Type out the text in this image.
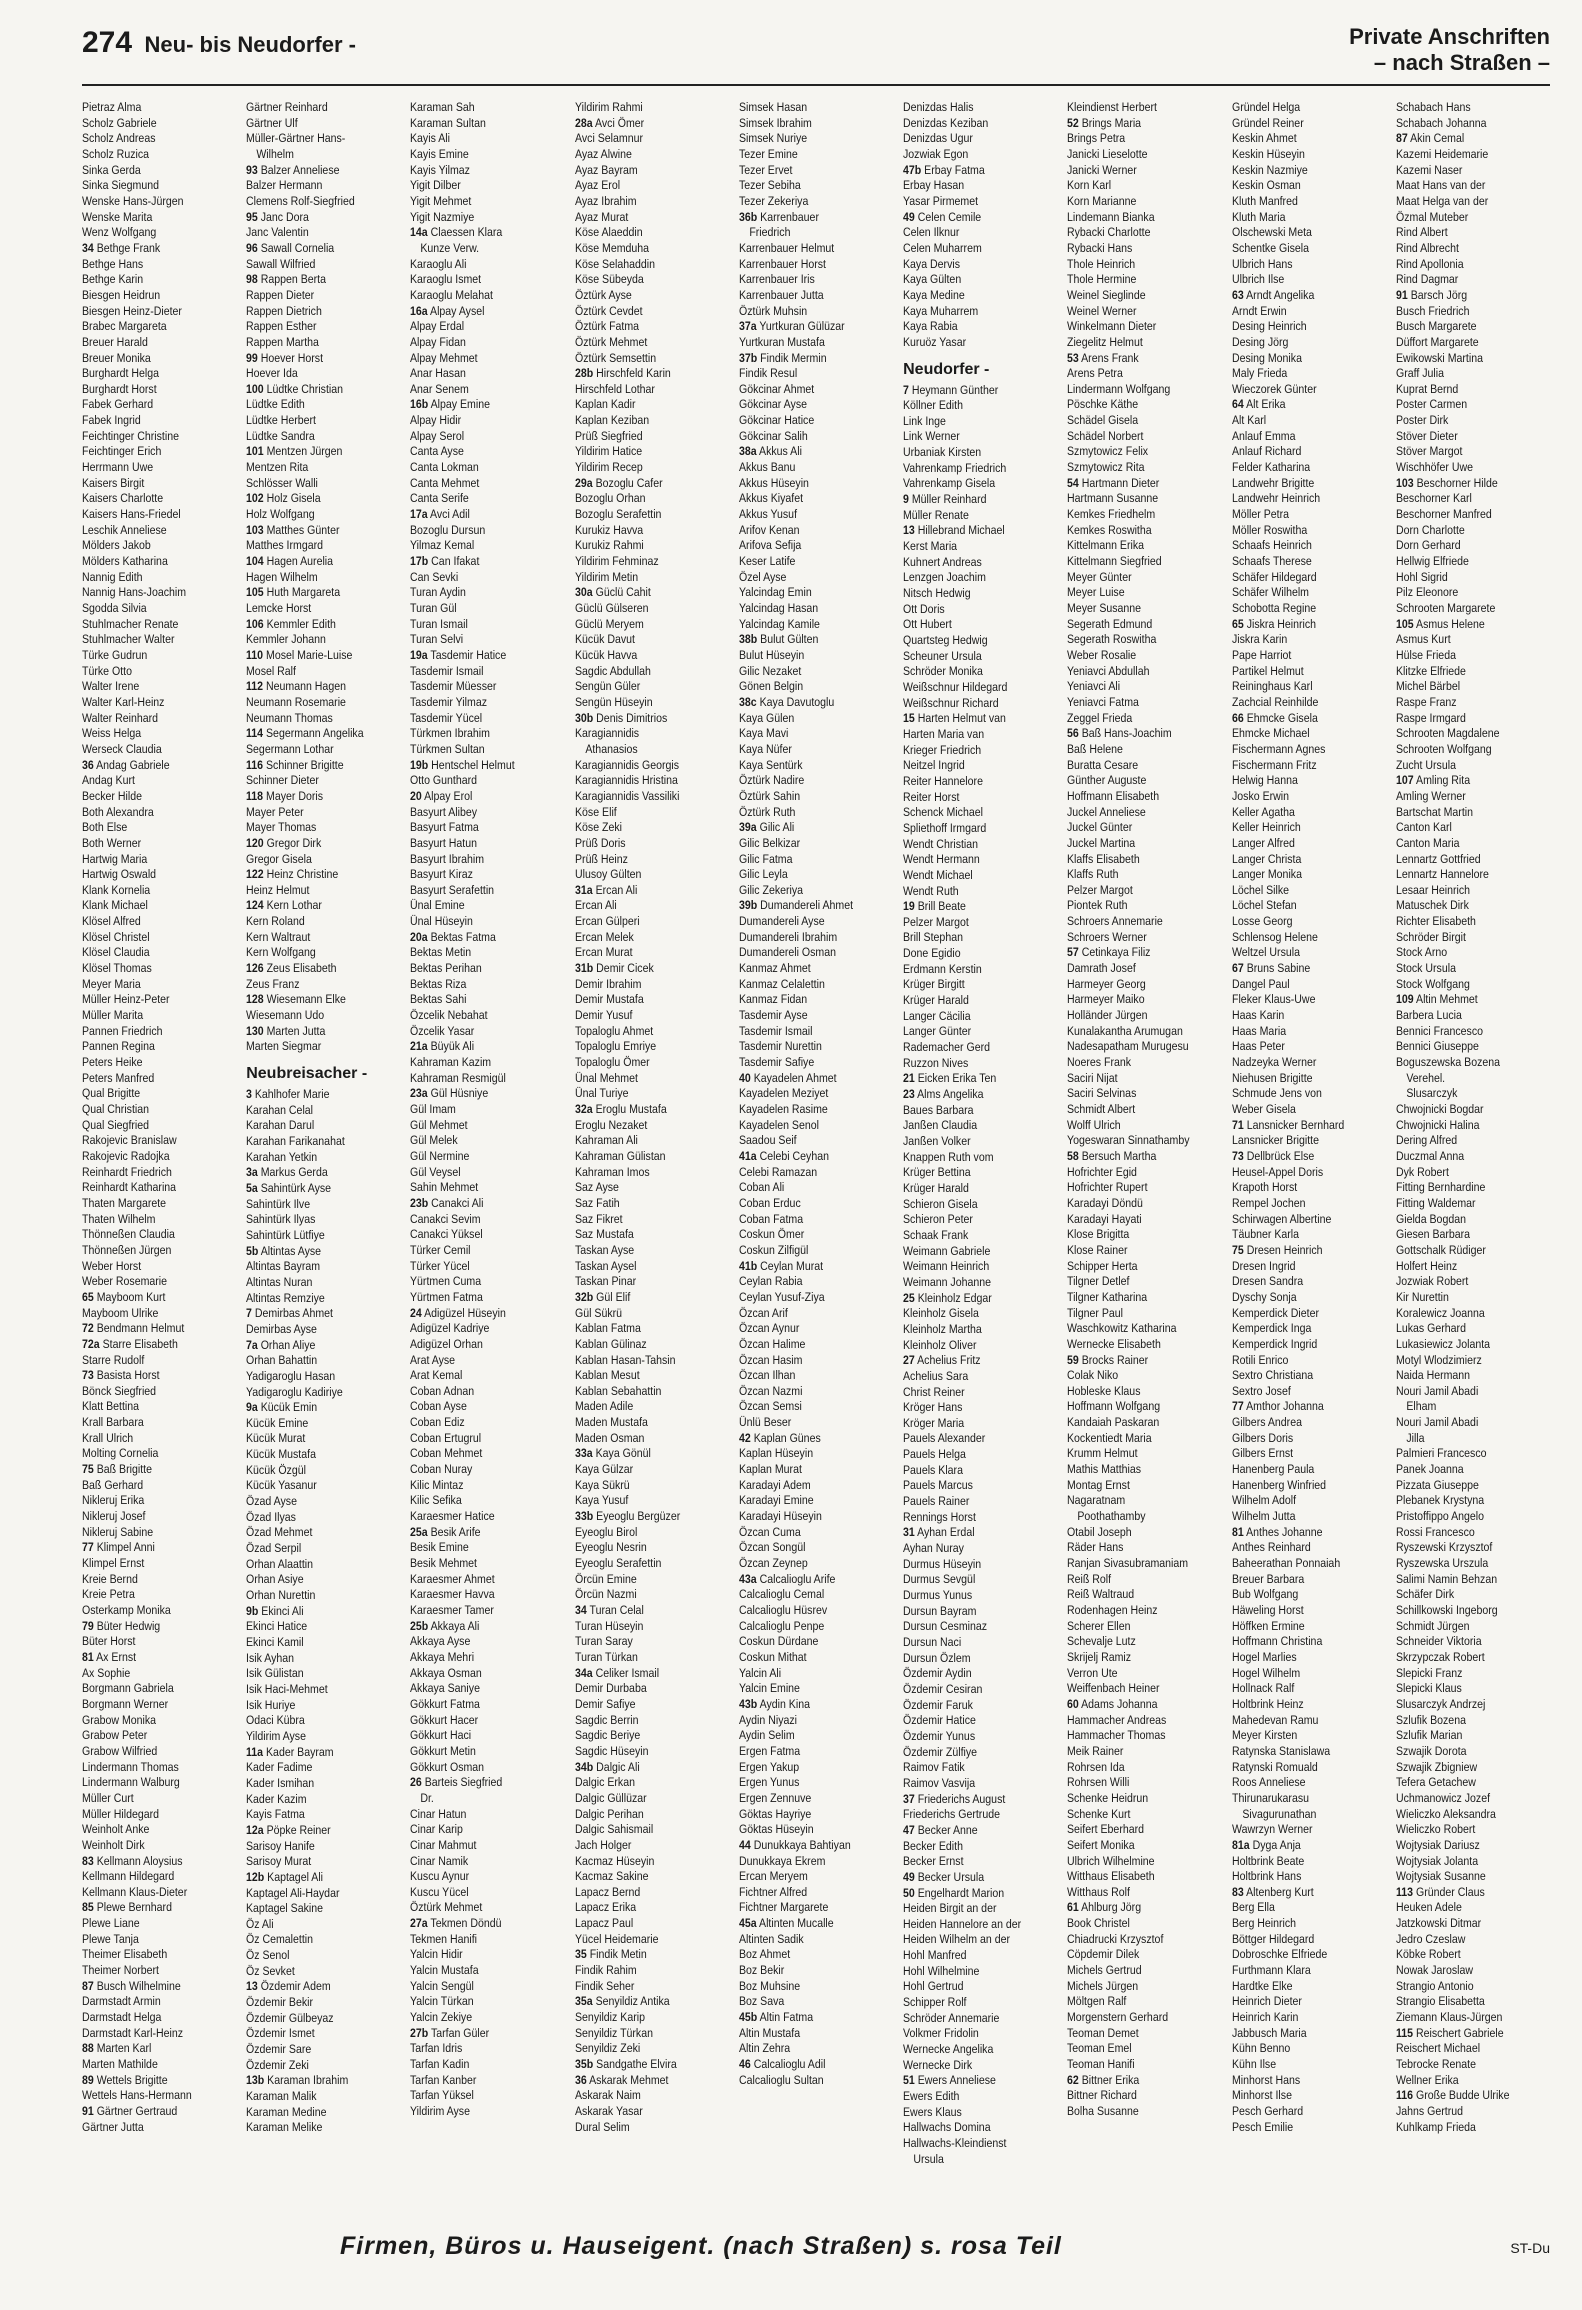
274 Neu- bis Neudorfer -	Private Anschriften
– nach Straßen –
Pietraz Alma
Scholz Gabriele
Scholz Andreas
Scholz Ruzica
Sinka Gerda
Sinka Siegmund
Wenske Hans-Jürgen
Wenske Marita
Wenz Wolfgang
34 Bethge Frank
Bethge Hans
Bethge Karin
Biesgen Heidrun
Biesgen Heinz-Dieter
Brabec Margareta
Breuer Harald
Breuer Monika
Burghardt Helga
Burghardt Horst
Fabek Gerhard
Fabek Ingrid
Feichtinger Christine
Feichtinger Erich
Herrmann Uwe
Kaisers Birgit
Kaisers Charlotte
Kaisers Hans-Friedel
Leschik Anneliese
Mölders Jakob
Mölders Katharina
Nannig Edith
Nannig Hans-Joachim
Sgodda Silvia
Stuhlmacher Renate
Stuhlmacher Walter
Türke Gudrun
Türke Otto
Walter Irene
Walter Karl-Heinz
Walter Reinhard
Weiss Helga
Werseck Claudia
36 Andag Gabriele
Andag Kurt
Becker Hilde
Both Alexandra
Both Else
Both Werner
Hartwig Maria
Hartwig Oswald
Klank Kornelia
Klank Michael
Klösel Alfred
Klösel Christel
Klösel Claudia
Klösel Thomas
Meyer Maria
Müller Heinz-Peter
Müller Marita
Pannen Friedrich
Pannen Regina
Peters Heike
Peters Manfred
Qual Brigitte
Qual Christian
Qual Siegfried
Rakojevic Branislaw
Rakojevic Radojka
Reinhardt Friedrich
Reinhardt Katharina
Thaten Margarete
Thaten Wilhelm
Thönneßen Claudia
Thönneßen Jürgen
Weber Horst
Weber Rosemarie
65 Mayboom Kurt
Mayboom Ulrike
72 Bendmann Helmut
72a Starre Elisabeth
Starre Rudolf
73 Basista Horst
Bönck Siegfried
Klatt Bettina
Krall Barbara
Krall Ulrich
Molting Cornelia
75 Baß Brigitte
Baß Gerhard
Nikleruj Erika
Nikleruj Josef
Nikleruj Sabine
77 Klimpel Anni
Klimpel Ernst
Kreie Bernd
Kreie Petra
Osterkamp Monika
79 Büter Hedwig
Büter Horst
81 Ax Ernst
Ax Sophie
Borgmann Gabriela
Borgmann Werner
Grabow Monika
Grabow Peter
Grabow Wilfried
Lindermann Thomas
Lindermann Walburg
Müller Curt
Müller Hildegard
Weinholt Anke
Weinholt Dirk
83 Kellmann Aloysius
Kellmann Hildegard
Kellmann Klaus-Dieter
85 Plewe Bernhard
Plewe Liane
Plewe Tanja
Theimer Elisabeth
Theimer Norbert
87 Busch Wilhelmine
Darmstadt Armin
Darmstadt Helga
Darmstadt Karl-Heinz
88 Marten Karl
Marten Mathilde
89 Wettels Brigitte
Wettels Hans-Hermann
91 Gärtner Gertraud
Gärtner Jutta
Gärtner Reinhard
Gärtner Ulf
Müller-Gärtner Hans-
Wilhelm
93 Balzer Anneliese
Balzer Hermann
Clemens Rolf-Siegfried
95 Janc Dora
Janc Valentin
96 Sawall Cornelia
Sawall Wilfried
98 Rappen Berta
Rappen Dieter
Rappen Dietrich
Rappen Esther
Rappen Martha
99 Hoever Horst
Hoever Ida
100 Lüdtke Christian
Lüdtke Edith
Lüdtke Herbert
Lüdtke Sandra
101 Mentzen Jürgen
Mentzen Rita
Schlösser Walli
102 Holz Gisela
Holz Wolfgang
103 Matthes Günter
Matthes Irmgard
104 Hagen Aurelia
Hagen Wilhelm
105 Huth Margareta
Lemcke Horst
106 Kemmler Edith
Kemmler Johann
110 Mosel Marie-Luise
Mosel Ralf
112 Neumann Hagen
Neumann Rosemarie
Neumann Thomas
114 Segermann Angelika
Segermann Lothar
116 Schinner Brigitte
Schinner Dieter
118 Mayer Doris
Mayer Peter
Mayer Thomas
120 Gregor Dirk
Gregor Gisela
122 Heinz Christine
Heinz Helmut
124 Kern Lothar
Kern Roland
Kern Waltraut
Kern Wolfgang
126 Zeus Elisabeth
Zeus Franz
128 Wiesemann Elke
Wiesemann Udo
130 Marten Jutta
Marten Siegmar
Neubreisacher -
3 Kahlhofer Marie
Karahan Celal
Karahan Darul
Karahan Farikanahat
Karahan Yetkin
3a Markus Gerda
5a Sahintürk Ayse
Sahintürk Ilve
Sahintürk Ilyas
Sahintürk Lütfiye
5b Altintas Ayse
Altintas Bayram
Altintas Nuran
Altintas Remziye
7 Demirbas Ahmet
Demirbas Ayse
7a Orhan Aliye
Orhan Bahattin
Yadigaroglu Hasan
Yadigaroglu Kadiriye
9a Kücük Emin
Kücük Emine
Kücük Murat
Kücük Mustafa
Kücük Özgül
Kücük Yasanur
Özad Ayse
Özad Ilyas
Özad Mehmet
Özad Serpil
Orhan Alaattin
Orhan Asiye
Orhan Nurettin
9b Ekinci Ali
Ekinci Hatice
Ekinci Kamil
Isik Ayhan
Isik Gülistan
Isik Haci-Mehmet
Isik Huriye
Odaci Kübra
Yildirim Ayse
11a Kader Bayram
Kader Fadime
Kader Ismihan
Kader Kazim
Kayis Fatma
12a Pöpke Reiner
Sarisoy Hanife
Sarisoy Murat
12b Kaptagel Ali
Kaptagel Ali-Haydar
Kaptagel Sakine
Öz Ali
Öz Cemalettin
Öz Senol
Öz Sevket
13 Özdemir Adem
Özdemir Bekir
Özdemir Gülbeyaz
Özdemir Ismet
Özdemir Sare
Özdemir Zeki
13b Karaman Ibrahim
Karaman Malik
Karaman Medine
Karaman Melike
Karaman Sah
Karaman Sultan
Kayis Ali
Kayis Emine
Kayis Yilmaz
Yigit Dilber
Yigit Mehmet
Yigit Nazmiye
14a Claessen Klara
Kunze Verw.
Karaoglu Ali
Karaoglu Ismet
Karaoglu Melahat
16a Alpay Aysel
Alpay Erdal
Alpay Fidan
Alpay Mehmet
Anar Hasan
Anar Senem
16b Alpay Emine
Alpay Hidir
Alpay Serol
Canta Ayse
Canta Lokman
Canta Mehmet
Canta Serife
17a Avci Adil
Bozoglu Dursun
Yilmaz Kemal
17b Can Ifakat
Can Sevki
Turan Aydin
Turan Gül
Turan Ismail
Turan Selvi
19a Tasdemir Hatice
Tasdemir Ismail
Tasdemir Müesser
Tasdemir Yilmaz
Tasdemir Yücel
Türkmen Ibrahim
Türkmen Sultan
19b Hentschel Helmut
Otto Gunthard
20 Alpay Erol
Basyurt Alibey
Basyurt Fatma
Basyurt Hatun
Basyurt Ibrahim
Basyurt Kiraz
Basyurt Serafettin
Ünal Emine
Ünal Hüseyin
20a Bektas Fatma
Bektas Metin
Bektas Perihan
Bektas Riza
Bektas Sahi
Özcelik Nebahat
Özcelik Yasar
21a Büyük Ali
Kahraman Kazim
Kahraman Resmigül
23a Gül Hüsniye
Gül Imam
Gül Mehmet
Gül Melek
Gül Nermine
Gül Veysel
Sahin Mehmet
23b Canakci Ali
Canakci Sevim
Canakci Yüksel
Türker Cemil
Türker Yücel
Yürtmen Cuma
Yürtmen Fatma
24 Adigüzel Hüseyin
Adigüzel Kadriye
Adigüzel Orhan
Arat Ayse
Arat Kemal
Coban Adnan
Coban Ayse
Coban Ediz
Coban Ertugrul
Coban Mehmet
Coban Nuray
Kilic Mintaz
Kilic Sefika
Karaesmer Hatice
25a Besik Arife
Besik Emine
Besik Mehmet
Karaesmer Ahmet
Karaesmer Havva
Karaesmer Tamer
25b Akkaya Ali
Akkaya Ayse
Akkaya Mehri
Akkaya Osman
Akkaya Saniye
Gökkurt Fatma
Gökkurt Hacer
Gökkurt Haci
Gökkurt Metin
Gökkurt Osman
26 Barteis Siegfried
Dr.
Cinar Hatun
Cinar Karip
Cinar Mahmut
Cinar Namik
Kuscu Aynur
Kuscu Yücel
Öztürk Mehmet
27a Tekmen Döndü
Tekmen Hanifi
Yalcin Hidir
Yalcin Mustafa
Yalcin Sengül
Yalcin Türkan
Yalcin Zekiye
27b Tarfan Güler
Tarfan Idris
Tarfan Kadin
Tarfan Kanber
Tarfan Yüksel
Yildirim Ayse
Yildirim Rahmi
28a Avci Ömer
Avci Selamnur
Ayaz Alwine
Ayaz Bayram
Ayaz Erol
Ayaz Ibrahim
Ayaz Murat
Köse Alaeddin
Köse Memduha
Köse Selahaddin
Köse Sübeyda
Öztürk Ayse
Öztürk Cevdet
Öztürk Fatma
Öztürk Mehmet
Öztürk Semsettin
28b Hirschfeld Karin
Hirschfeld Lothar
Kaplan Kadir
Kaplan Keziban
Prüß Siegfried
Yildirim Hatice
Yildirim Recep
29a Bozoglu Cafer
Bozoglu Orhan
Bozoglu Serafettin
Kurukiz Havva
Kurukiz Rahmi
Yildirim Fehminaz
Yildirim Metin
30a Güclü Cahit
Güclü Gülseren
Güclü Meryem
Kücük Davut
Kücük Havva
Sagdic Abdullah
Sengün Güler
Sengün Hüseyin
30b Denis Dimitrios
Karagiannidis
Athanasios
Karagiannidis Georgis
Karagiannidis Hristina
Karagiannidis Vassiliki
Köse Elif
Köse Zeki
Prüß Doris
Prüß Heinz
Ulusoy Gülten
31a Ercan Ali
Ercan Ali
Ercan Gülperi
Ercan Melek
Ercan Murat
31b Demir Cicek
Demir Ibrahim
Demir Mustafa
Demir Yusuf
Topaloglu Ahmet
Topaloglu Emriye
Topaloglu Ömer
Ünal Mehmet
Ünal Turiye
32a Eroglu Mustafa
Eroglu Nezaket
Kahraman Ali
Kahraman Gülistan
Kahraman Imos
Saz Ayse
Saz Fatih
Saz Fikret
Saz Mustafa
Taskan Ayse
Taskan Aysel
Taskan Pinar
32b Gül Elif
Gül Sükrü
Kablan Fatma
Kablan Gülinaz
Kablan Hasan-Tahsin
Kablan Mesut
Kablan Sebahattin
Maden Adile
Maden Mustafa
Maden Osman
33a Kaya Gönül
Kaya Gülzar
Kaya Sükrü
Kaya Yusuf
33b Eyeoglu Bergüzer
Eyeoglu Birol
Eyeoglu Nesrin
Eyeoglu Serafettin
Örcün Emine
Örcün Nazmi
34 Turan Celal
Turan Hüseyin
Turan Saray
Turan Türkan
34a Celiker Ismail
Demir Durbaba
Demir Safiye
Sagdic Berrin
Sagdic Beriye
Sagdic Hüseyin
34b Dalgic Ali
Dalgic Erkan
Dalgic Güllüzar
Dalgic Perihan
Dalgic Sahismail
Jach Holger
Kacmaz Hüseyin
Kacmaz Sakine
Lapacz Bernd
Lapacz Erika
Lapacz Paul
Yücel Heidemarie
35 Findik Metin
Findik Rahim
Findik Seher
35a Senyildiz Antika
Senyildiz Karip
Senyildiz Türkan
Senyildiz Zeki
35b Sandgathe Elvira
36 Askarak Mehmet
Askarak Naim
Askarak Yasar
Dural Selim
Simsek Hasan
Simsek Ibrahim
Simsek Nuriye
Tezer Emine
Tezer Ervet
Tezer Sebiha
Tezer Zekeriya
36b Karrenbauer
Friedrich
Karrenbauer Helmut
Karrenbauer Horst
Karrenbauer Iris
Karrenbauer Jutta
Öztürk Muhsin
37a Yurtkuran Gülüzar
Yurtkuran Mustafa
37b Findik Mermin
Findik Resul
Gökcinar Ahmet
Gökcinar Ayse
Gökcinar Hatice
Gökcinar Salih
38a Akkus Ali
Akkus Banu
Akkus Hüseyin
Akkus Kiyafet
Akkus Yusuf
Arifov Kenan
Arifova Sefija
Keser Latife
Özel Ayse
Yalcindag Emin
Yalcindag Hasan
Yalcindag Kamile
38b Bulut Gülten
Bulut Hüseyin
Gilic Nezaket
Gönen Belgin
38c Kaya Davutoglu
Kaya Gülen
Kaya Mavi
Kaya Nüfer
Kaya Sentürk
Öztürk Nadire
Öztürk Sahin
Öztürk Ruth
39a Gilic Ali
Gilic Belkizar
Gilic Fatma
Gilic Leyla
Gilic Zekeriya
39b Dumandereli Ahmet
Dumandereli Ayse
Dumandereli Ibrahim
Dumandereli Osman
Kanmaz Ahmet
Kanmaz Celalettin
Kanmaz Fidan
Tasdemir Ayse
Tasdemir Ismail
Tasdemir Nurettin
Tasdemir Safiye
40 Kayadelen Ahmet
Kayadelen Meziyet
Kayadelen Rasime
Kayadelen Senol
Saadou Seif
41a Celebi Ceyhan
Celebi Ramazan
Coban Ali
Coban Erduc
Coban Fatma
Coskun Ömer
Coskun Zilfigül
41b Ceylan Murat
Ceylan Rabia
Ceylan Yusuf-Ziya
Özcan Arif
Özcan Aynur
Özcan Halime
Özcan Hasim
Özcan Ilhan
Özcan Nazmi
Özcan Semsi
Ünlü Beser
42 Kaplan Günes
Kaplan Hüseyin
Kaplan Murat
Karadayi Adem
Karadayi Emine
Karadayi Hüseyin
Özcan Cuma
Özcan Songül
Özcan Zeynep
43a Calcalioglu Arife
Calcalioglu Cemal
Calcalioglu Hüsrev
Calcalioglu Penpe
Coskun Dürdane
Coskun Mithat
Yalcin Ali
Yalcin Emine
43b Aydin Kina
Aydin Niyazi
Aydin Selim
Ergen Fatma
Ergen Yakup
Ergen Yunus
Ergen Zennuve
Göktas Hayriye
Göktas Hüseyin
44 Dunukkaya Bahtiyan
Dunukkaya Ekrem
Ercan Meryem
Fichtner Alfred
Fichtner Margarete
45a Altinten Mucalle
Altinten Sadik
Boz Ahmet
Boz Bekir
Boz Muhsine
Boz Sava
45b Altin Fatma
Altin Mustafa
Altin Zehra
46 Calcalioglu Adil
Calcalioglu Sultan
Denizdas Halis
Denizdas Keziban
Denizdas Ugur
Jozwiak Egon
47b Erbay Fatma
Erbay Hasan
Yasar Pirmemet
49 Celen Cemile
Celen Ilknur
Celen Muharrem
Kaya Dervis
Kaya Gülten
Kaya Medine
Kaya Muharrem
Kaya Rabia
Kuruöz Yasar
Neudorfer -
7 Heymann Günther
Köllner Edith
Link Inge
Link Werner
Urbaniak Kirsten
Vahrenkamp Friedrich
Vahrenkamp Gisela
9 Müller Reinhard
Müller Renate
13 Hillebrand Michael
Kerst Maria
Kuhnert Andreas
Lenzgen Joachim
Nitsch Hedwig
Ott Doris
Ott Hubert
Quartsteg Hedwig
Scheuner Ursula
Schröder Monika
Weißschnur Hildegard
Weißschnur Richard
15 Harten Helmut van
Harten Maria van
Krieger Friedrich
Neitzel Ingrid
Reiter Hannelore
Reiter Horst
Schenck Michael
Spliethoff Irmgard
Wendt Christian
Wendt Hermann
Wendt Michael
Wendt Ruth
19 Brill Beate
Pelzer Margot
Brill Stephan
Done Egidio
Erdmann Kerstin
Krüger Birgitt
Krüger Harald
Langer Cäcilia
Langer Günter
Rademacher Gerd
Ruzzon Nives
21 Eicken Erika Ten
23 Alms Angelika
Baues Barbara
Janßen Claudia
Janßen Volker
Knappen Ruth vom
Krüger Bettina
Krüger Harald
Schieron Gisela
Schieron Peter
Schaak Frank
Weimann Gabriele
Weimann Heinrich
Weimann Johanne
25 Kleinholz Edgar
Kleinholz Gisela
Kleinholz Martha
Kleinholz Oliver
27 Achelius Fritz
Achelius Sara
Christ Reiner
Kröger Hans
Kröger Maria
Pauels Alexander
Pauels Helga
Pauels Klara
Pauels Marcus
Pauels Rainer
Rennings Horst
31 Ayhan Erdal
Ayhan Nuray
Durmus Hüseyin
Durmus Sevgül
Durmus Yunus
Dursun Bayram
Dursun Cesminaz
Dursun Naci
Dursun Özlem
Özdemir Aydin
Özdemir Cesiran
Özdemir Faruk
Özdemir Hatice
Özdemir Yunus
Özdemir Zülfiye
Raimov Fatik
Raimov Vasvija
37 Friederichs August
Friederichs Gertrude
47 Becker Anne
Becker Edith
Becker Ernst
49 Becker Ursula
50 Engelhardt Marion
Heiden Birgit an der
Heiden Hannelore an der
Heiden Wilhelm an der
Hohl Manfred
Hohl Wilhelmine
Hohl Gertrud
Schipper Rolf
Schröder Annemarie
Volkmer Fridolin
Wernecke Angelika
Wernecke Dirk
51 Ewers Anneliese
Ewers Edith
Ewers Klaus
Hallwachs Domina
Hallwachs-Kleindienst
Ursula
Kleindienst Herbert
52 Brings Maria
Brings Petra
Janicki Lieselotte
Janicki Werner
Korn Karl
Korn Marianne
Lindemann Bianka
Rybacki Charlotte
Rybacki Hans
Thole Heinrich
Thole Hermine
Weinel Sieglinde
Weinel Werner
Winkelmann Dieter
Ziegelitz Helmut
53 Arens Frank
Arens Petra
Lindermann Wolfgang
Pöschke Käthe
Schädel Gisela
Schädel Norbert
Szmytowicz Felix
Szmytowicz Rita
54 Hartmann Dieter
Hartmann Susanne
Kemkes Friedhelm
Kemkes Roswitha
Kittelmann Erika
Kittelmann Siegfried
Meyer Günter
Meyer Luise
Meyer Susanne
Segerath Edmund
Segerath Roswitha
Weber Rosalie
Yeniavci Abdullah
Yeniavci Ali
Yeniavci Fatma
Zeggel Frieda
56 Baß Hans-Joachim
Baß Helene
Buratta Cesare
Günther Auguste
Hoffmann Elisabeth
Juckel Anneliese
Juckel Günter
Juckel Martina
Klaffs Elisabeth
Klaffs Ruth
Pelzer Margot
Piontek Ruth
Schroers Annemarie
Schroers Werner
57 Cetinkaya Filiz
Damrath Josef
Harmeyer Georg
Harmeyer Maiko
Holländer Jürgen
Kunalakantha Arumugan
Nadesapatham Murugesu
Noeres Frank
Saciri Nijat
Saciri Selvinas
Schmidt Albert
Wolff Ulrich
Yogeswaran Sinnathamby
58 Bersuch Martha
Hofrichter Egid
Hofrichter Rupert
Karadayi Döndü
Karadayi Hayati
Klose Brigitta
Klose Rainer
Schipper Herta
Tilgner Detlef
Tilgner Katharina
Tilgner Paul
Waschkowitz Katharina
Wernecke Elisabeth
59 Brocks Rainer
Colak Niko
Hobleske Klaus
Hoffmann Wolfgang
Kandaiah Paskaran
Kockentiedt Maria
Krumm Helmut
Mathis Matthias
Montag Ernst
Nagaratnam
Poothathamby
Otabil Joseph
Räder Hans
Ranjan Sivasubramaniam
Reiß Rolf
Reiß Waltraud
Rodenhagen Heinz
Scherer Ellen
Schevalje Lutz
Skrijelj Ramiz
Verron Ute
Weiffenbach Heiner
60 Adams Johanna
Hammacher Andreas
Hammacher Thomas
Meik Rainer
Rohrsen Ida
Rohrsen Willi
Schenke Heidrun
Schenke Kurt
Seifert Eberhard
Seifert Monika
Ulbrich Wilhelmine
Witthaus Elisabeth
Witthaus Rolf
61 Ahlburg Jörg
Book Christel
Chiadrucki Krzysztof
Cöpdemir Dilek
Michels Gertrud
Michels Jürgen
Möltgen Ralf
Morgenstern Gerhard
Teoman Demet
Teoman Emel
Teoman Hanifi
62 Bittner Erika
Bittner Richard
Bolha Susanne
Gründel Helga
Gründel Reiner
Keskin Ahmet
Keskin Hüseyin
Keskin Nazmiye
Keskin Osman
Kluth Manfred
Kluth Maria
Olschewski Meta
Schentke Gisela
Ulbrich Hans
Ulbrich Ilse
63 Arndt Angelika
Arndt Erwin
Desing Heinrich
Desing Jörg
Desing Monika
Maly Frieda
Wieczorek Günter
64 Alt Erika
Alt Karl
Anlauf Emma
Anlauf Richard
Felder Katharina
Landwehr Brigitte
Landwehr Heinrich
Möller Petra
Möller Roswitha
Schaafs Heinrich
Schaafs Therese
Schäfer Hildegard
Schäfer Wilhelm
Schobotta Regine
65 Jiskra Heinrich
Jiskra Karin
Pape Harriot
Partikel Helmut
Reininghaus Karl
Zachcial Reinhilde
66 Ehmcke Gisela
Ehmcke Michael
Fischermann Agnes
Fischermann Fritz
Helwig Hanna
Josko Erwin
Keller Agatha
Keller Heinrich
Langer Alfred
Langer Christa
Langer Monika
Löchel Silke
Löchel Stefan
Losse Georg
Schlensog Helene
Weltzel Ursula
67 Bruns Sabine
Dangel Paul
Fleker Klaus-Uwe
Haas Karin
Haas Maria
Haas Peter
Nadzeyka Werner
Niehusen Brigitte
Schmude Jens von
Weber Gisela
71 Lansnicker Bernhard
Lansnicker Brigitte
73 Dellbrück Else
Heusel-Appel Doris
Krapoth Horst
Rempel Jochen
Schirwagen Albertine
Täubner Karla
75 Dresen Heinrich
Dresen Ingrid
Dresen Sandra
Dyschy Sonja
Kemperdick Dieter
Kemperdick Inga
Kemperdick Ingrid
Rotili Enrico
Sextro Christiana
Sextro Josef
77 Amthor Johanna
Gilbers Andrea
Gilbers Doris
Gilbers Ernst
Hanenberg Paula
Hanenberg Winfried
Wilhelm Adolf
Wilhelm Jutta
81 Anthes Johanne
Anthes Reinhard
Baheerathan Ponnaiah
Breuer Barbara
Bub Wolfgang
Häweling Horst
Höffken Ermine
Hoffmann Christina
Hogel Marlies
Hogel Wilhelm
Hollnack Ralf
Holtbrink Heinz
Mahedevan Ramu
Meyer Kirsten
Ratynska Stanislawa
Ratynski Romuald
Roos Anneliese
Thirunarukarasu
Sivagurunathan
Wawrzyn Werner
81a Dyga Anja
Holtbrink Beate
Holtbrink Hans
83 Altenberg Kurt
Berg Ella
Berg Heinrich
Böttger Hildegard
Dobroschke Elfriede
Furthmann Klara
Hardtke Elke
Heinrich Dieter
Heinrich Karin
Jabbusch Maria
Kühn Benno
Kühn Ilse
Minhorst Hans
Minhorst Ilse
Pesch Gerhard
Pesch Emilie
Schabach Hans
Schabach Johanna
87 Akin Cemal
Kazemi Heidemarie
Kazemi Naser
Maat Hans van der
Maat Helga van der
Özmal Muteber
Rind Albert
Rind Albrecht
Rind Apollonia
Rind Dagmar
91 Barsch Jörg
Busch Friedrich
Busch Margarete
Düffort Margarete
Ewikowski Martina
Graff Julia
Kuprat Bernd
Poster Carmen
Poster Dirk
Stöver Dieter
Stöver Margot
Wischhöfer Uwe
103 Beschorner Hilde
Beschorner Karl
Beschorner Manfred
Dorn Charlotte
Dorn Gerhard
Hellwig Elfriede
Hohl Sigrid
Pilz Eleonore
Schrooten Margarete
105 Asmus Helene
Asmus Kurt
Hülse Frieda
Klitzke Elfriede
Michel Bärbel
Raspe Franz
Raspe Irmgard
Schrooten Magdalene
Schrooten Wolfgang
Zucht Ursula
107 Amling Rita
Amling Werner
Bartschat Martin
Canton Karl
Canton Maria
Lennartz Gottfried
Lennartz Hannelore
Lesaar Heinrich
Matuschek Dirk
Richter Elisabeth
Schröder Birgit
Stock Arno
Stock Ursula
Stock Wolfgang
109 Altin Mehmet
Barbera Lucia
Bennici Francesco
Bennici Giuseppe
Boguszewska Bozena
Verehel.
Slusarczyk
Chwojnicki Bogdar
Chwojnicki Halina
Dering Alfred
Duczmal Anna
Dyk Robert
Fitting Bernhardine
Fitting Waldemar
Gielda Bogdan
Giesen Barbara
Gottschalk Rüdiger
Holfert Heinz
Jozwiak Robert
Kir Nurettin
Koralewicz Joanna
Lukas Gerhard
Lukasiewicz Jolanta
Motyl Wlodzimierz
Naida Hermann
Nouri Jamil Abadi
Elham
Nouri Jamil Abadi
Jilla
Palmieri Francesco
Panek Joanna
Pizzata Giuseppe
Plebanek Krystyna
Pristoffippo Angelo
Rossi Francesco
Ryszewski Krzysztof
Ryszewska Urszula
Salimi Namin Behzan
Schäfer Dirk
Schillkowski Ingeborg
Schmidt Jürgen
Schneider Viktoria
Skrzypczak Robert
Slepicki Franz
Slepicki Klaus
Slusarczyk Andrzej
Szlufik Bozena
Szlufik Marian
Szwajik Dorota
Szwajik Zbigniew
Tefera Getachew
Uchmanowicz Jozef
Wieliczko Aleksandra
Wieliczko Robert
Wojtysiak Dariusz
Wojtysiak Jolanta
Wojtysiak Susanne
113 Gründer Claus
Heuken Adele
Jatzkowski Ditmar
Jedro Czeslaw
Köbke Robert
Nowak Jaroslaw
Strangio Antonio
Strangio Elisabetta
Ziemann Klaus-Jürgen
115 Reischert Gabriele
Reischert Michael
Tebrocke Renate
Wellner Erika
116 Große Budde Ulrike
Jahns Gertrud
Kuhlkamp Frieda
Firmen, Büros u. Hauseigent. (nach Straßen) s. rosa Teil	ST-Du
